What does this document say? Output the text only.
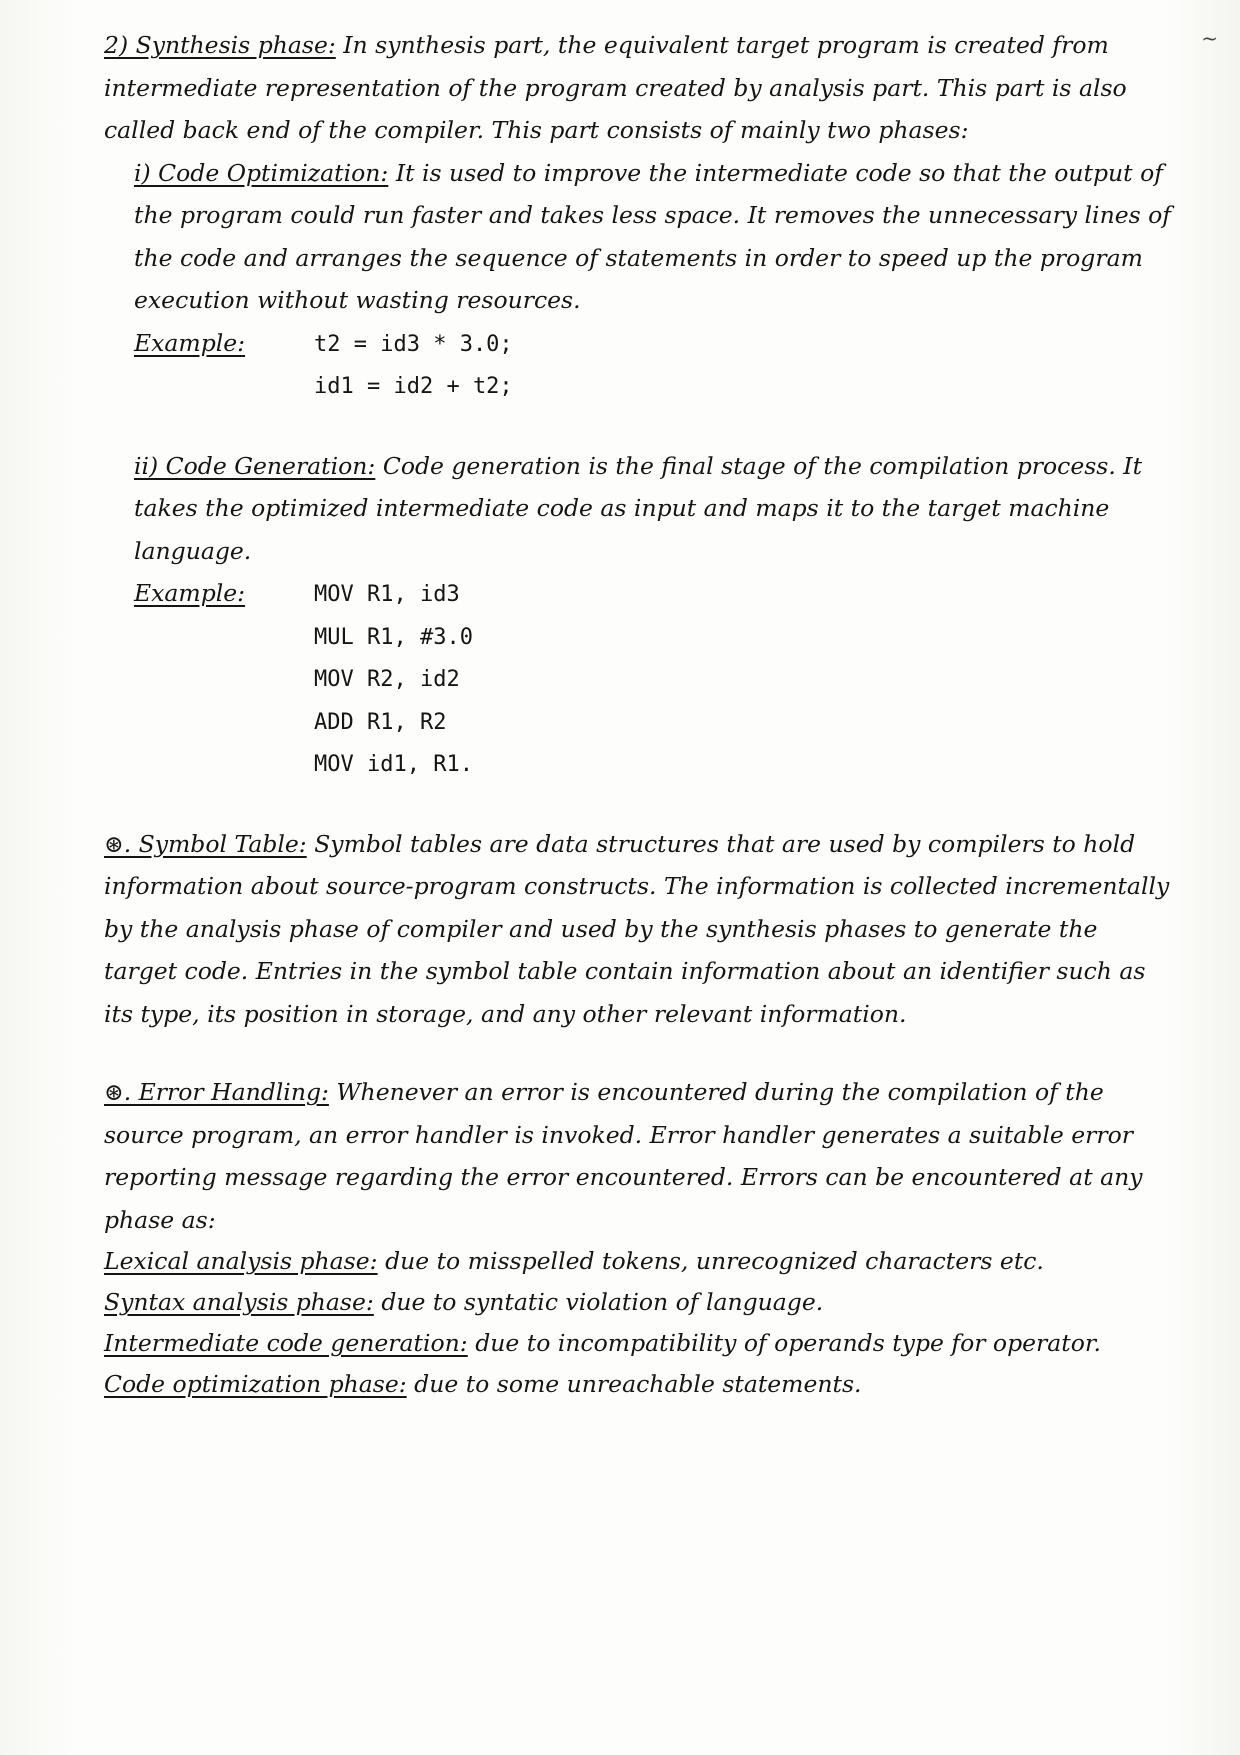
~

2) Synthesis phase: In synthesis part, the equivalent target program is created from intermediate representation of the program created by analysis part. This part is also called back end of the compiler. This part consists of mainly two phases:

i) Code Optimization: It is used to improve the intermediate code so that the output of the program could run faster and takes less space. It removes the unnecessary lines of the code and arranges the sequence of statements in order to speed up the program execution without wasting resources.

Example:	t2 = id3 * 3.0;
id1 = id2 + t2;

ii) Code Generation: Code generation is the final stage of the compilation process. It takes the optimized intermediate code as input and maps it to the target machine language.

Example:	MOV R1, id3
MUL R1, #3.0
MOV R2, id2
ADD R1, R2
MOV id1, R1.

⊛. Symbol Table: Symbol tables are data structures that are used by compilers to hold information about source-program constructs. The information is collected incrementally by the analysis phase of compiler and used by the synthesis phases to generate the target code. Entries in the symbol table contain information about an identifier such as its type, its position in storage, and any other relevant information.

⊛. Error Handling: Whenever an error is encountered during the compilation of the source program, an error handler is invoked. Error handler generates a suitable error reporting message regarding the error encountered. Errors can be encountered at any phase as:

Lexical analysis phase: due to misspelled tokens, unrecognized characters etc.

Syntax analysis phase: due to syntatic violation of language.

Intermediate code generation: due to incompatibility of operands type for operator.

Code optimization phase: due to some unreachable statements.
